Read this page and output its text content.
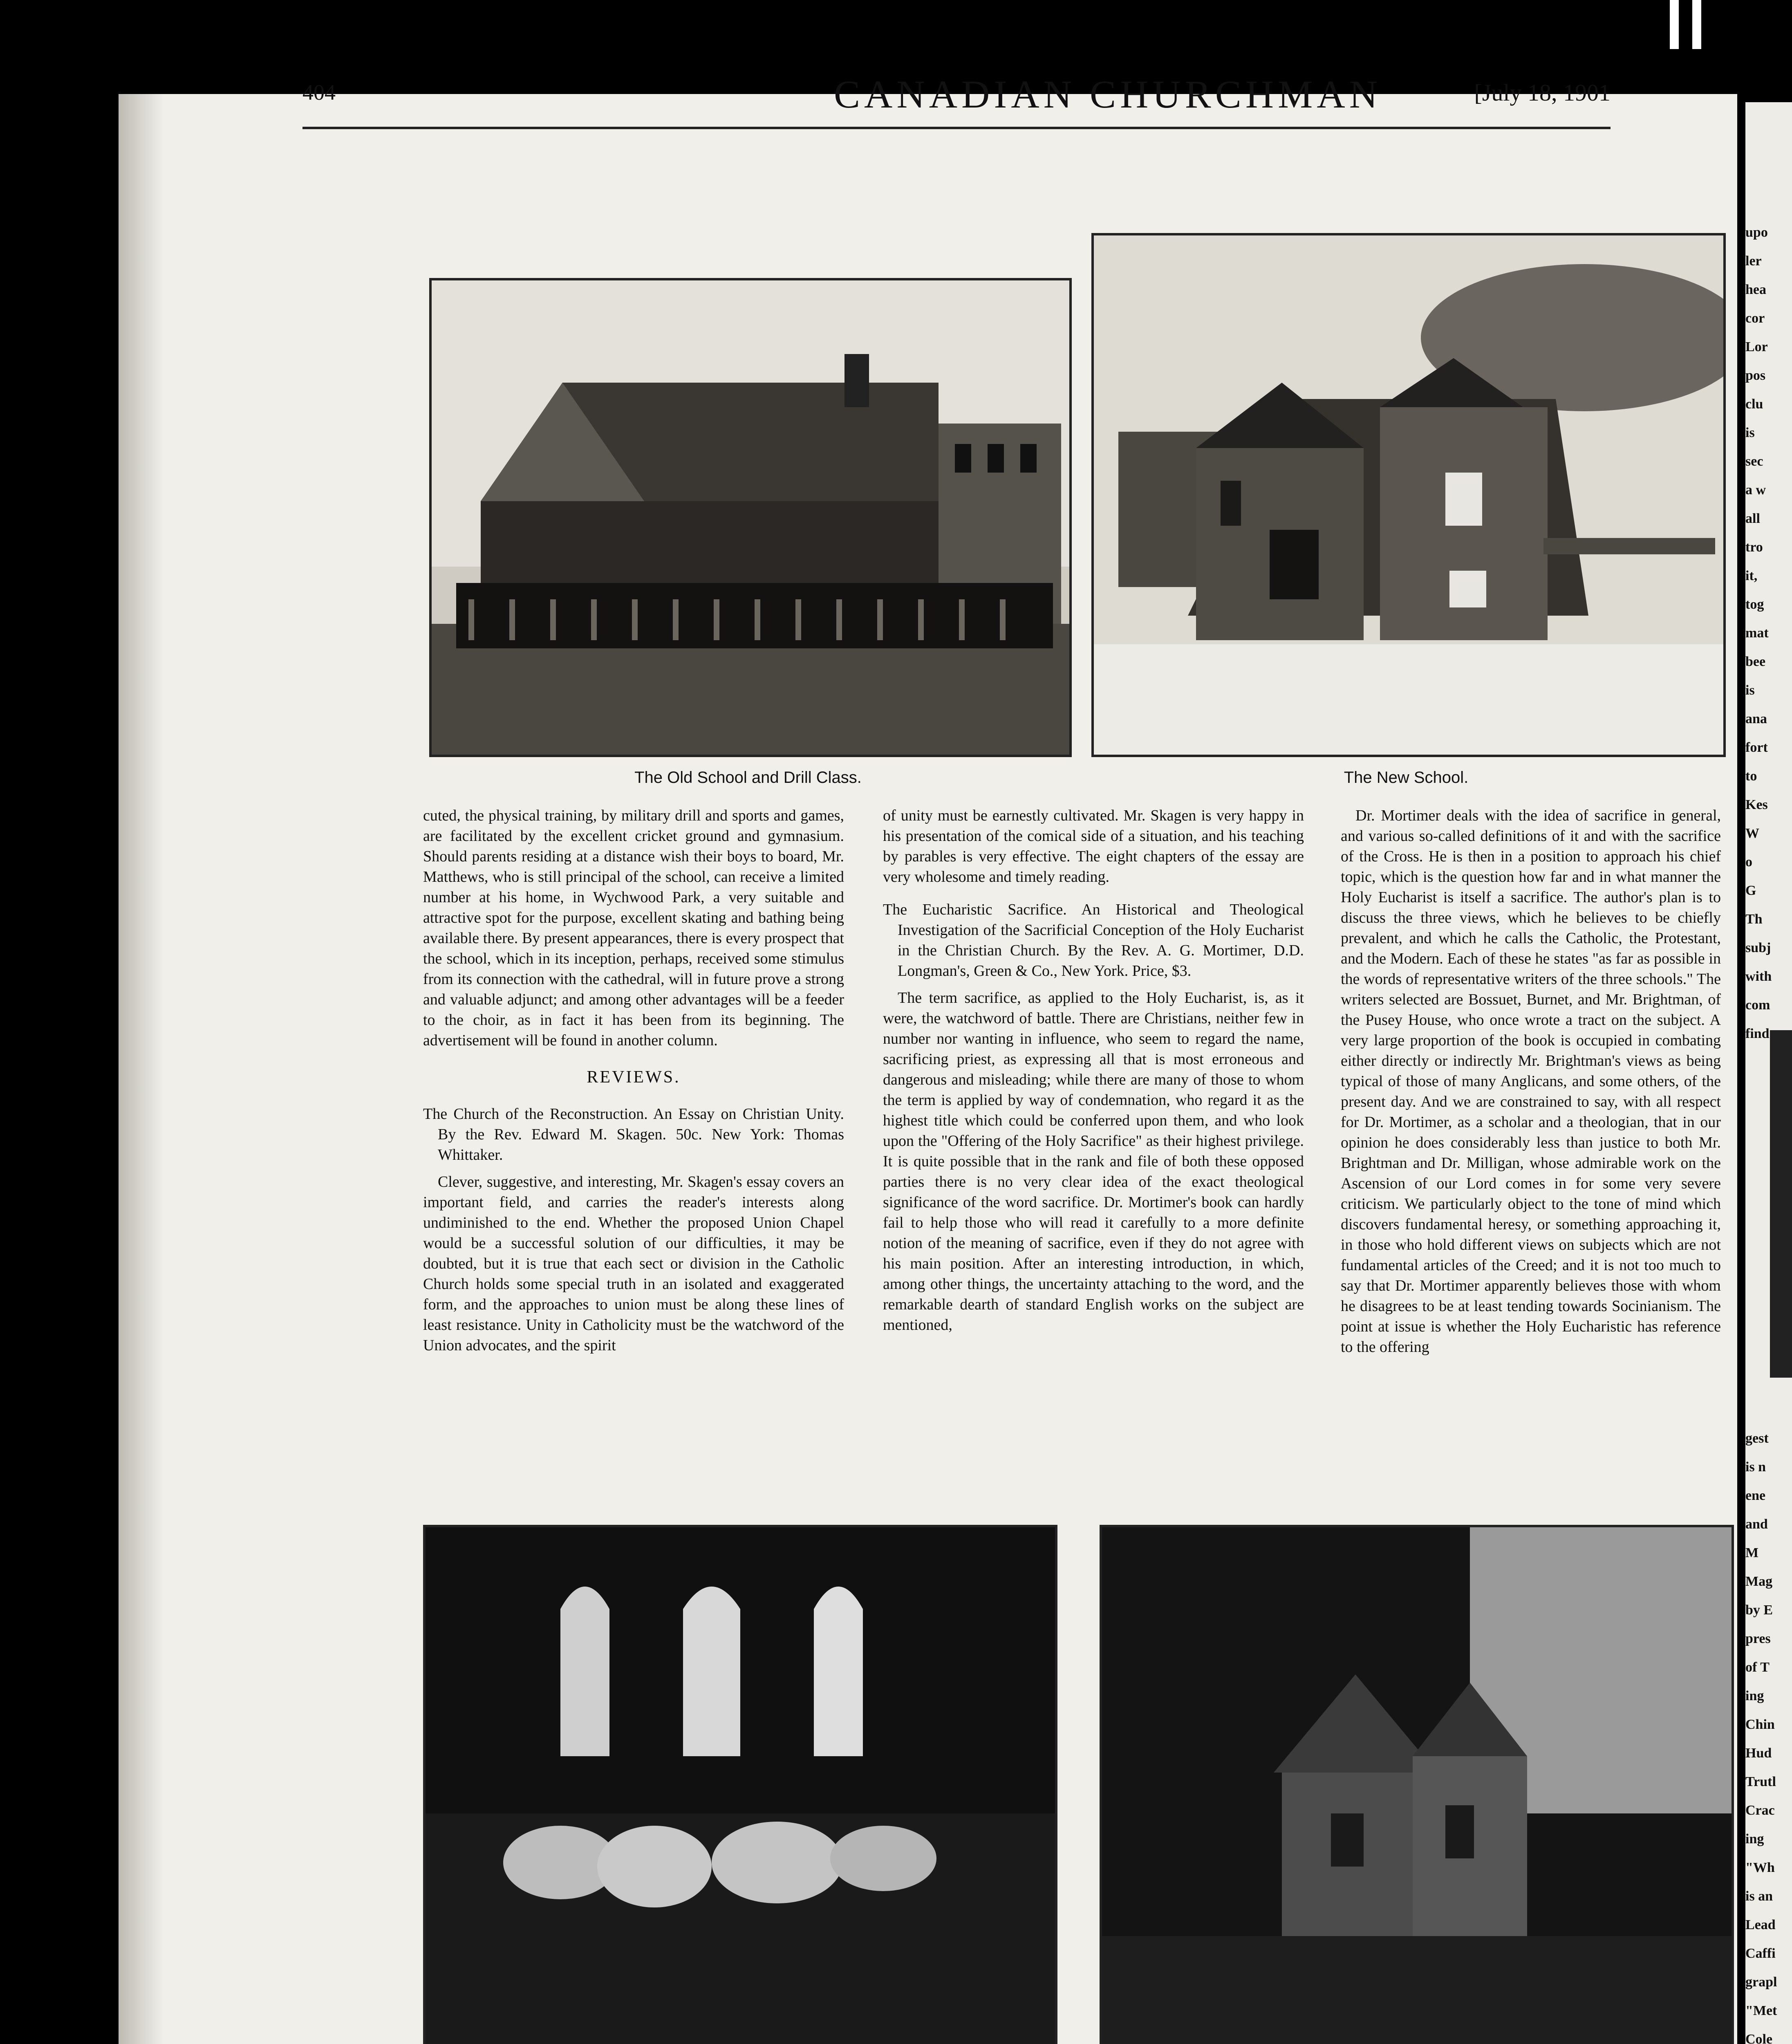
upo
ler
hea
cor
Lor
pos
clu
is
sec
a w
all
tro
it,
tog
mat
bee
is
ana
fort
to
Kes
W
o
G
Th
subj
with
com
find
gest
is n
ene
and
M
Mag
by E
pres
of T
ing
Chin
Hud
Trutl
Crac
ing
"Wh
is an
Lead
Caffi
grapl
"Met
Cole
404	CANADIAN CHURCHMAN	[July 18, 1901
The Old School and Drill Class.	The New School.

cuted, the physical training, by military drill and sports and games, are facilitated by the excellent cricket ground and gymnasium. Should parents residing at a distance wish their boys to board, Mr. Matthews, who is still principal of the school, can receive a limited number at his home, in Wychwood Park, a very suitable and attractive spot for the purpose, excellent skating and bathing being available there. By present appearances, there is every prospect that the school, which in its inception, perhaps, received some stimulus from its connection with the cathedral, will in future prove a strong and valuable adjunct; and among other advantages will be a feeder to the choir, as in fact it has been from its beginning. The advertisement will be found in another column.

REVIEWS.

The Church of the Reconstruction. An Essay on Christian Unity. By the Rev. Edward M. Skagen. 50c. New York: Thomas Whittaker.

Clever, suggestive, and interesting, Mr. Skagen's essay covers an important field, and carries the reader's interests along undiminished to the end. Whether the proposed Union Chapel would be a successful solution of our difficulties, it may be doubted, but it is true that each sect or division in the Catholic Church holds some special truth in an isolated and exaggerated form, and the approaches to union must be along these lines of least resistance. Unity in Catholicity must be the watchword of the Union advocates, and the spirit

of unity must be earnestly cultivated. Mr. Skagen is very happy in his presentation of the comical side of a situation, and his teaching by parables is very effective. The eight chapters of the essay are very wholesome and timely reading.

The Eucharistic Sacrifice. An Historical and Theological Investigation of the Sacrificial Conception of the Holy Eucharist in the Christian Church. By the Rev. A. G. Mortimer, D.D. Longman's, Green & Co., New York. Price, $3.

The term sacrifice, as applied to the Holy Eucharist, is, as it were, the watchword of battle. There are Christians, neither few in number nor wanting in influence, who seem to regard the name, sacrificing priest, as expressing all that is most erroneous and dangerous and misleading; while there are many of those to whom the term is applied by way of condemnation, who regard it as the highest title which could be conferred upon them, and who look upon the "Offering of the Holy Sacrifice" as their highest privilege. It is quite possible that in the rank and file of both these opposed parties there is no very clear idea of the exact theological significance of the word sacrifice. Dr. Mortimer's book can hardly fail to help those who will read it carefully to a more definite notion of the meaning of sacrifice, even if they do not agree with his main position. After an interesting introduction, in which, among other things, the uncertainty attaching to the word, and the remarkable dearth of standard English works on the subject are mentioned,

Dr. Mortimer deals with the idea of sacrifice in general, and various so-called definitions of it and with the sacrifice of the Cross. He is then in a position to approach his chief topic, which is the question how far and in what manner the Holy Eucharist is itself a sacrifice. The author's plan is to discuss the three views, which he believes to be chiefly prevalent, and which he calls the Catholic, the Protestant, and the Modern. Each of these he states "as far as possible in the words of representative writers of the three schools." The writers selected are Bossuet, Burnet, and Mr. Brightman, of the Pusey House, who once wrote a tract on the subject. A very large proportion of the book is occupied in combating either directly or indirectly Mr. Brightman's views as being typical of those of many Anglicans, and some others, of the present day. And we are constrained to say, with all respect for Dr. Mortimer, as a scholar and a theologian, that in our opinion he does considerably less than justice to both Mr. Brightman and Dr. Milligan, whose admirable work on the Ascension of our Lord comes in for some very severe criticism. We particularly object to the tone of mind which discovers fundamental heresy, or something approaching it, in those who hold different views on subjects which are not fundamental articles of the Creed; and it is not too much to say that Dr. Mortimer apparently believes those with whom he disagrees to be at least tending towards Socinianism. The point at issue is whether the Holy Eucharistic has reference to the offering
